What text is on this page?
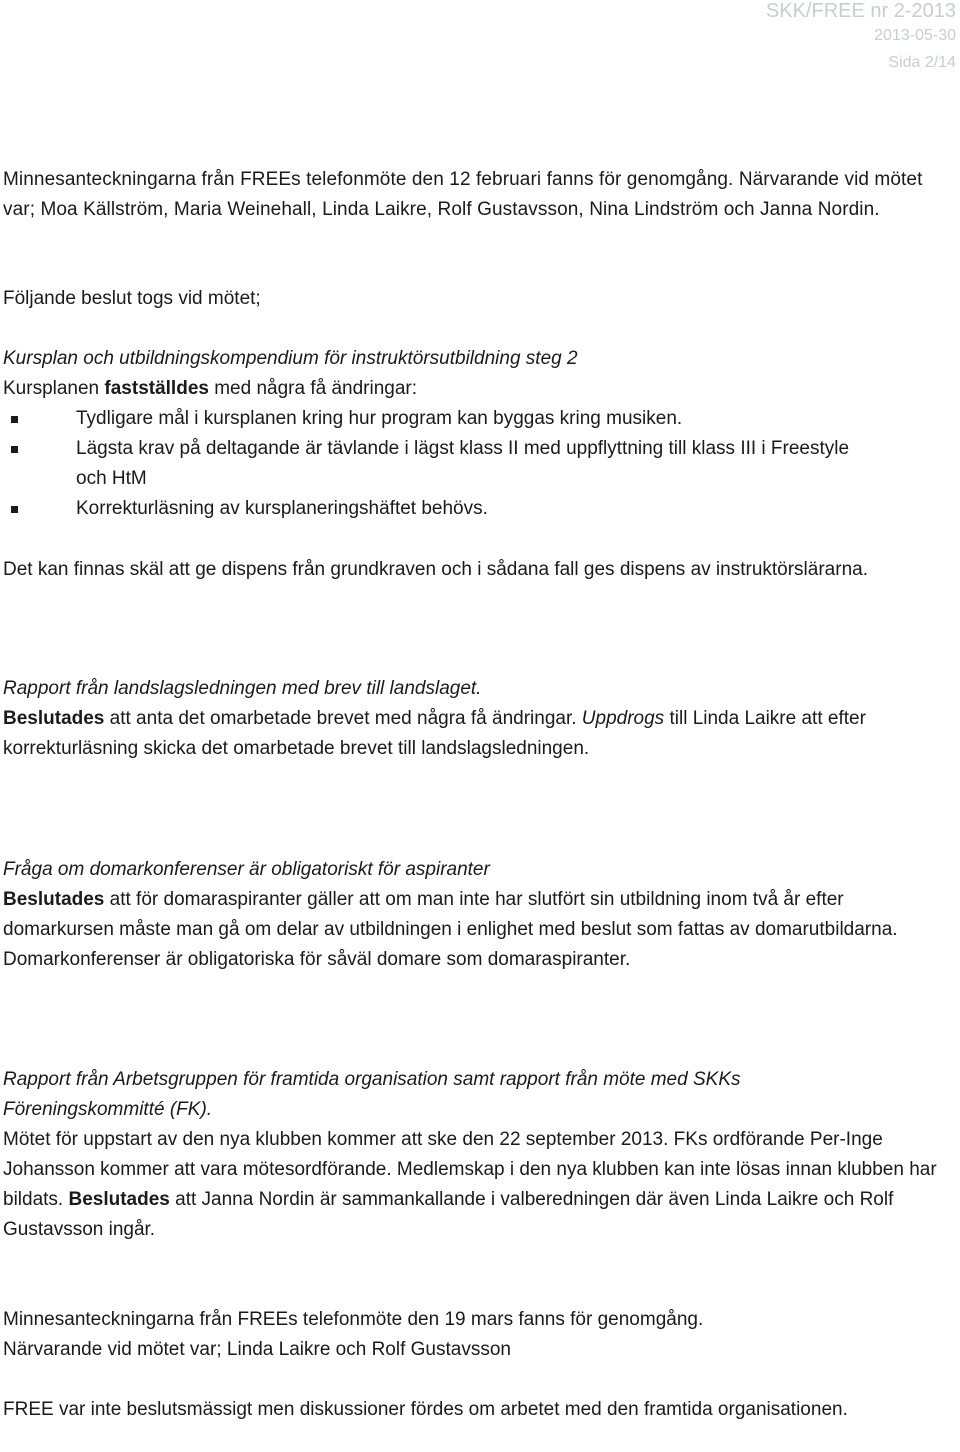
SKK/FREE nr 2-2013
2013-05-30
Sida 2/14

Minnesanteckningarna från FREEs telefonmöte den 12 februari fanns för genomgång. Närvarande vid mötet var; Moa Källström, Maria Weinehall, Linda Laikre, Rolf Gustavsson, Nina Lindström och Janna Nordin.

Följande beslut togs vid mötet;

Kursplan och utbildningskompendium för instruktörsutbildning steg 2

Kursplanen fastställdes med några få ändringar:

Tydligare mål i kursplanen kring hur program kan byggas kring musiken.
Lägsta krav på deltagande är tävlande i lägst klass II med uppflyttning till klass III i Freestyle och HtM
Korrekturläsning av kursplaneringshäftet behövs.

Det kan finnas skäl att ge dispens från grundkraven och i sådana fall ges dispens av instruktörslärarna.

Rapport från landslagsledningen med brev till landslaget.

Beslutades att anta det omarbetade brevet med några få ändringar. Uppdrogs till Linda Laikre att efter korrekturläsning skicka det omarbetade brevet till landslagsledningen.

Fråga om domarkonferenser är obligatoriskt för aspiranter

Beslutades att för domaraspiranter gäller att om man inte har slutfört sin utbildning inom två år efter domarkursen måste man gå om delar av utbildningen i enlighet med beslut som fattas av domarutbildarna. Domarkonferenser är obligatoriska för såväl domare som domaraspiranter.

Rapport från Arbetsgruppen för framtida organisation samt rapport från möte med SKKs Föreningskommitté (FK).

Mötet för uppstart av den nya klubben kommer att ske den 22 september 2013. FKs ordförande Per-Inge Johansson kommer att vara mötesordförande. Medlemskap i den nya klubben kan inte lösas innan klubben har bildats. Beslutades att Janna Nordin är sammankallande i valberedningen där även Linda Laikre och Rolf Gustavsson ingår.

Minnesanteckningarna från FREEs telefonmöte den 19 mars fanns för genomgång.

Närvarande vid mötet var; Linda Laikre och Rolf Gustavsson

FREE var inte beslutsmässigt men diskussioner fördes om arbetet med den framtida organisationen.
